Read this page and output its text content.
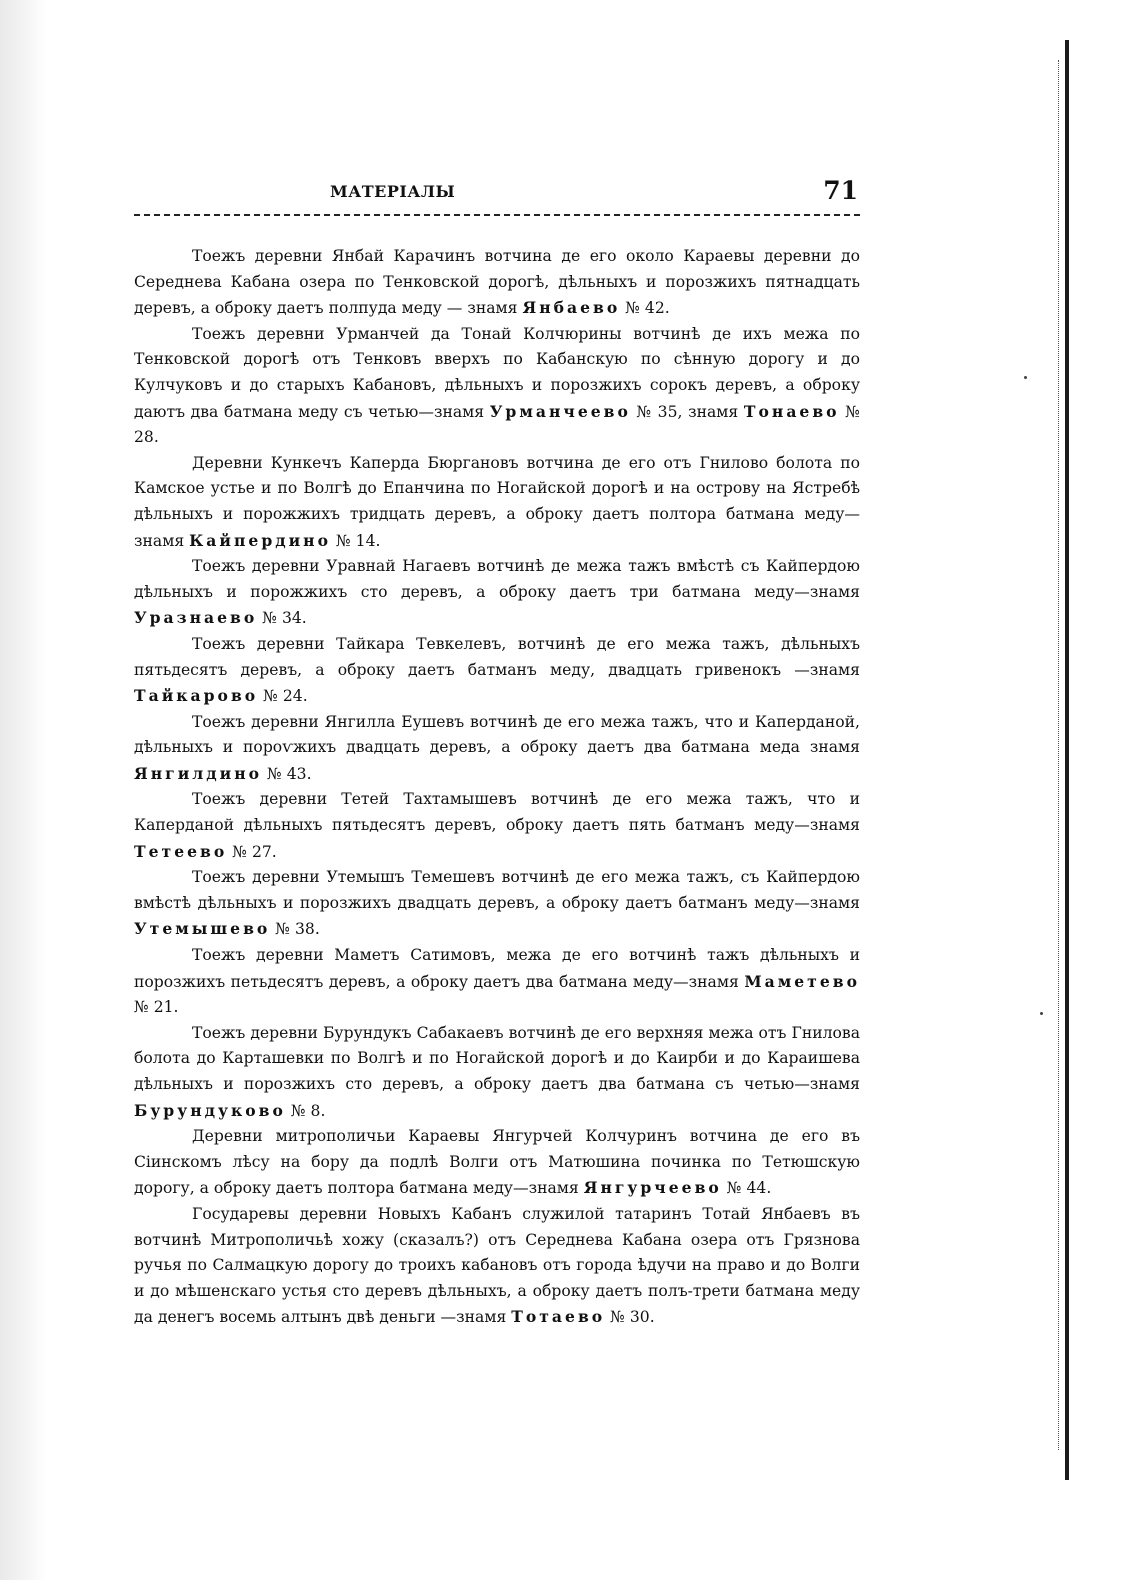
МАТЕРІАЛЫ	71

Тоежъ деревни Янбай Карачинъ вотчина де его около Караевы деревни до Середнева Кабана озера по Тенковской дорогѣ, дѣльныхъ и порозжихъ пятнадцать деревъ, а оброку даетъ полпуда меду — знамя Янбаево № 42.

Тоежъ деревни Урманчей да Тонай Колчюрины вотчинѣ де ихъ межа по Тенковской дорогѣ отъ Тенковъ вверхъ по Кабанскую по сѣнную дорогу и до Кулчуковъ и до старыхъ Кабановъ, дѣльныхъ и порозжихъ сорокъ деревъ, а оброку даютъ два батмана меду съ четью—знамя Урманчеево № 35, знамя Тонаево № 28.

Деревни Кункечъ Каперда Бюргановъ вотчина де его отъ Гнилово болота по Камское устье и по Волгѣ до Епанчина по Ногайской дорогѣ и на острову на Ястребѣ дѣльныхъ и порожжихъ тридцать деревъ, а оброку даетъ полтора батмана меду—знамя Кайпердино № 14.

Тоежъ деревни Уравнай Нагаевъ вотчинѣ де межа тажъ вмѣстѣ съ Кайпердою дѣльныхъ и порожжихъ сто деревъ, а оброку даетъ три батмана меду—знамя Уразнаево № 34.

Тоежъ деревни Тайкара Тевкелевъ, вотчинѣ де его межа тажъ, дѣльныхъ пятьдесятъ деревъ, а оброку даетъ батманъ меду, двадцать гривенокъ —знамя Тайкарово № 24.

Тоежъ деревни Янгилла Еушевъ вотчинѣ де его межа тажъ, что и Каперданой, дѣльныхъ и пороѵжихъ двадцать деревъ, а оброку даетъ два батмана меда знамя Янгилдино № 43.

Тоежъ деревни Тетей Тахтамышевъ вотчинѣ де его межа тажъ, что и Каперданой дѣльныхъ пятьдесятъ деревъ, оброку даетъ пять батманъ меду—знамя Тетеево № 27.

Тоежъ деревни Утемышъ Темешевъ вотчинѣ де его межа тажъ, съ Кайпердою вмѣстѣ дѣльныхъ и порозжихъ двадцать деревъ, а оброку даетъ батманъ меду—знамя Утемышево № 38.

Тоежъ деревни Маметъ Сатимовъ, межа де его вотчинѣ тажъ дѣльныхъ и порозжихъ петьдесятъ деревъ, а оброку даетъ два батмана меду—знамя Маметево № 21.

Тоежъ деревни Бурундукъ Сабакаевъ вотчинѣ де его верхняя межа отъ Гнилова болота до Карташевки по Волгѣ и по Ногайской дорогѣ и до Каирби и до Караишева дѣльныхъ и порозжихъ сто деревъ, а оброку даетъ два батмана съ четью—знамя Бурундуково № 8.

Деревни митрополичьи Караевы Янгурчей Колчуринъ вотчина де его въ Сіинскомъ лѣсу на бору да подлѣ Волги отъ Матюшина починка по Тетюшскую дорогу, а оброку даетъ полтора батмана меду—знамя Янгурчеево № 44.

Государевы деревни Новыхъ Кабанъ служилой татаринъ Тотай Янбаевъ въ вотчинѣ Митрополичьѣ хожу (сказалъ?) отъ Середнева Кабана озера отъ Грязнова ручья по Салмацкую дорогу до троихъ кабановъ отъ города ѣдучи на право и до Волги и до мѣшенскаго устья сто деревъ дѣльныхъ, а оброку даетъ полъ-трети батмана меду да денегъ восемь алтынъ двѣ деньги —знамя Тотаево № 30.
